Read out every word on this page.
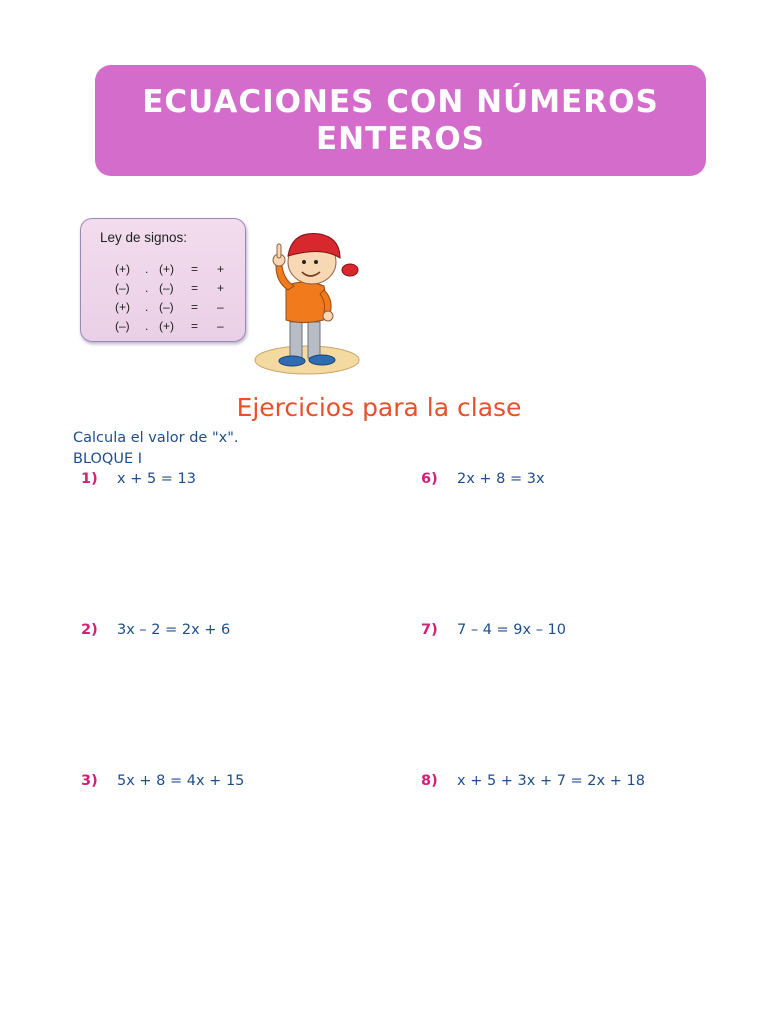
ECUACIONES CON NÚMEROS ENTEROS
Ley de signos:
(+) . (+) = +
(–) . (–) = +
(+) . (–) = –
(–) . (+) = –
Ejercicios para la clase
Calcula el valor de "x".
BLOQUE I
1) x + 5 = 13	6) 2x + 8 = 3x
2) 3x – 2 = 2x + 6	7) 7 – 4 = 9x – 10
3) 5x + 8 = 4x + 15	8) x + 5 + 3x + 7 = 2x + 18
